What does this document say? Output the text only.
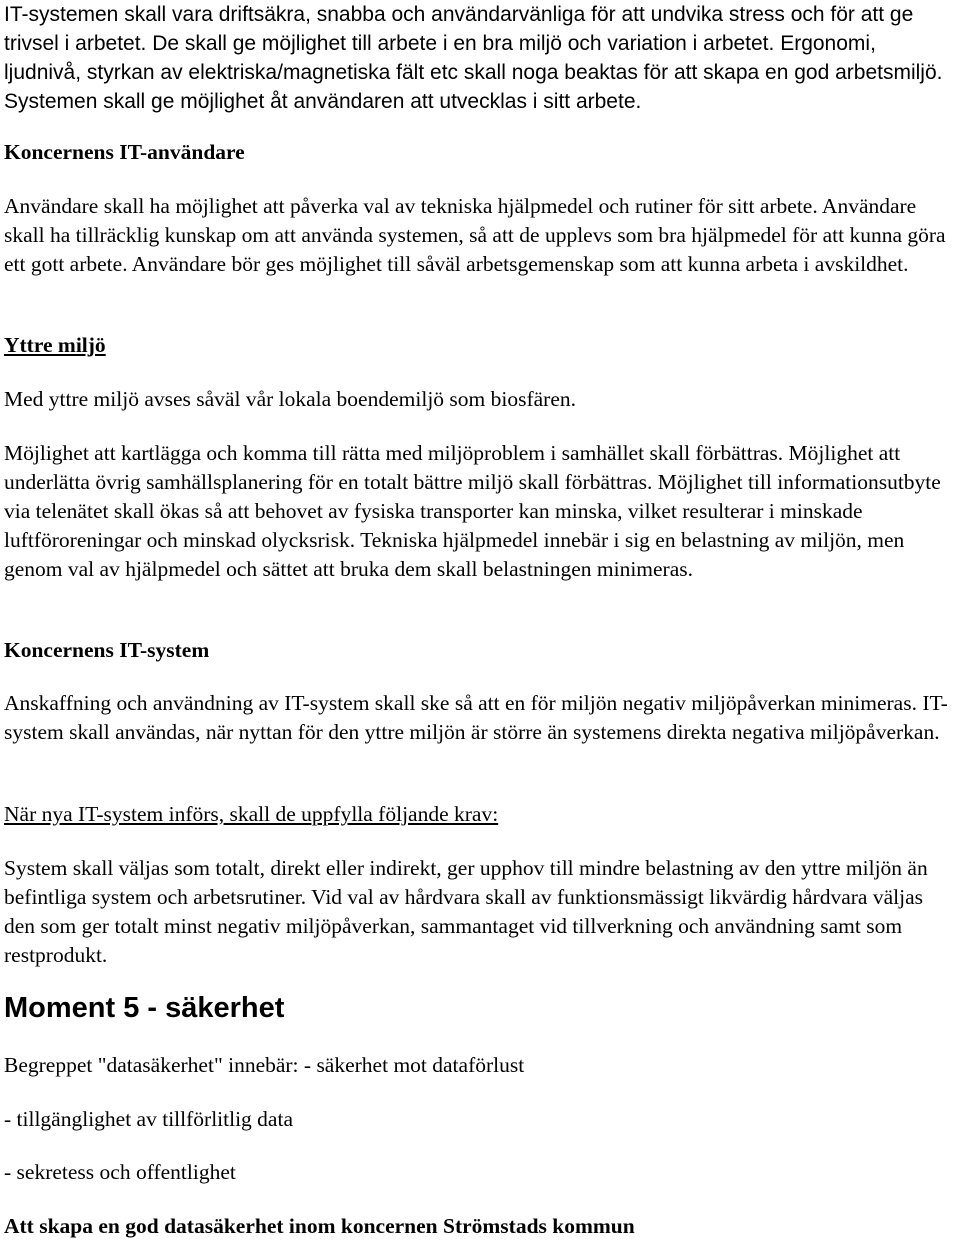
IT-systemen skall vara driftsäkra, snabba och användarvänliga för att undvika stress och för att ge trivsel i arbetet. De skall ge möjlighet till arbete i en bra miljö och variation i arbetet. Ergonomi, ljudnivå, styrkan av elektriska/magnetiska fält etc skall noga beaktas för att skapa en god arbetsmiljö. Systemen skall ge möjlighet åt användaren att utvecklas i sitt arbete.

Koncernens IT-användare

Användare skall ha möjlighet att påverka val av tekniska hjälpmedel och rutiner för sitt arbete. Användare skall ha tillräcklig kunskap om att använda systemen, så att de upplevs som bra hjälpmedel för att kunna göra ett gott arbete. Användare bör ges möjlighet till såväl arbetsgemenskap som att kunna arbeta i avskildhet.

Yttre miljö

Med yttre miljö avses såväl vår lokala boendemiljö som biosfären.

Möjlighet att kartlägga och komma till rätta med miljöproblem i samhället skall förbättras. Möjlighet att underlätta övrig samhällsplanering för en totalt bättre miljö skall förbättras. Möjlighet till informationsutbyte via telenätet skall ökas så att behovet av fysiska transporter kan minska, vilket resulterar i minskade luftföroreningar och minskad olycksrisk. Tekniska hjälpmedel innebär i sig en belastning av miljön, men genom val av hjälpmedel och sättet att bruka dem skall belastningen minimeras.

Koncernens IT-system

Anskaffning och användning av IT-system skall ske så att en för miljön negativ miljöpåverkan minimeras. IT-system skall användas, när nyttan för den yttre miljön är större än systemens direkta negativa miljöpåverkan.

När nya IT-system införs, skall de uppfylla följande krav:

System skall väljas som totalt, direkt eller indirekt, ger upphov till mindre belastning av den yttre miljön än befintliga system och arbetsrutiner. Vid val av hårdvara skall av funktionsmässigt likvärdig hårdvara väljas den som ger totalt minst negativ miljöpåverkan, sammantaget vid tillverkning och användning samt som restprodukt.

Moment 5 - säkerhet

Begreppet "datasäkerhet" innebär: - säkerhet mot dataförlust

- tillgänglighet av tillförlitlig data

- sekretess och offentlighet

Att skapa en god datasäkerhet inom koncernen Strömstads kommun
